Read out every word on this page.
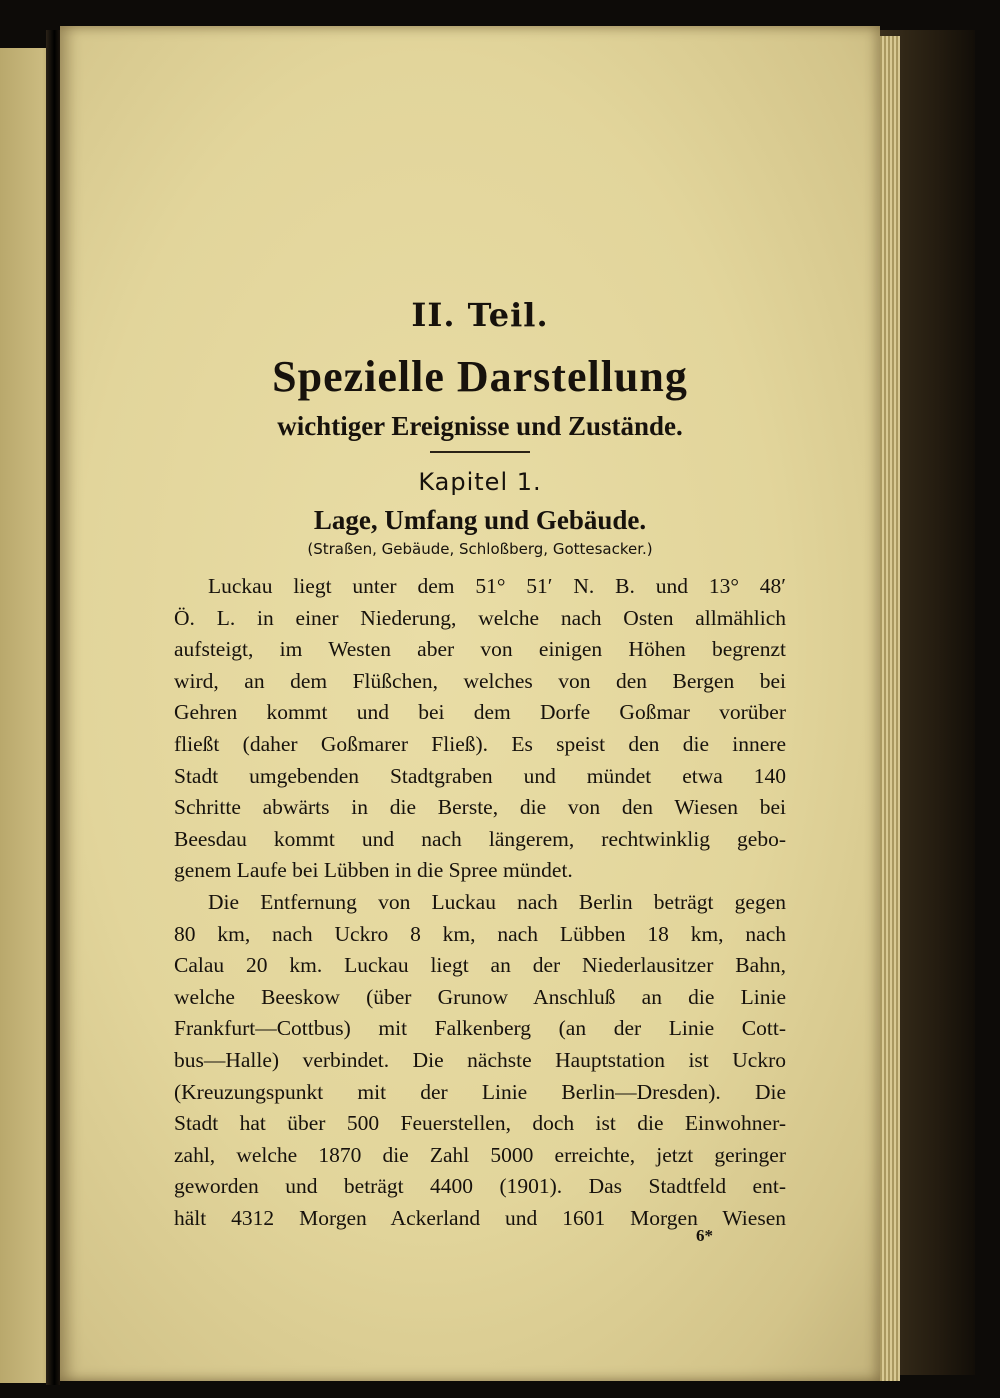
II. Teil.
Spezielle Darstellung
wichtiger Ereignisse und Zustände.
Kapitel 1.
Lage, Umfang und Gebäude.
(Straßen, Gebäude, Schloßberg, Gottesacker.)
Luckau liegt unter dem 51° 51′ N. B. und 13° 48′
Ö. L. in einer Niederung, welche nach Osten allmählich
aufsteigt, im Westen aber von einigen Höhen begrenzt
wird, an dem Flüßchen, welches von den Bergen bei
Gehren kommt und bei dem Dorfe Goßmar vorüber
fließt (daher Goßmarer Fließ). Es speist den die innere
Stadt umgebenden Stadtgraben und mündet etwa 140
Schritte abwärts in die Berste, die von den Wiesen bei
Beesdau kommt und nach längerem, rechtwinklig gebo-
genem Laufe bei Lübben in die Spree mündet.
Die Entfernung von Luckau nach Berlin beträgt gegen
80 km, nach Uckro 8 km, nach Lübben 18 km, nach
Calau 20 km. Luckau liegt an der Niederlausitzer Bahn,
welche Beeskow (über Grunow Anschluß an die Linie
Frankfurt—Cottbus) mit Falkenberg (an der Linie Cott-
bus—Halle) verbindet. Die nächste Hauptstation ist Uckro
(Kreuzungspunkt mit der Linie Berlin—Dresden). Die
Stadt hat über 500 Feuerstellen, doch ist die Einwohner-
zahl, welche 1870 die Zahl 5000 erreichte, jetzt geringer
geworden und beträgt 4400 (1901). Das Stadtfeld ent-
hält 4312 Morgen Ackerland und 1601 Morgen Wiesen
6*
